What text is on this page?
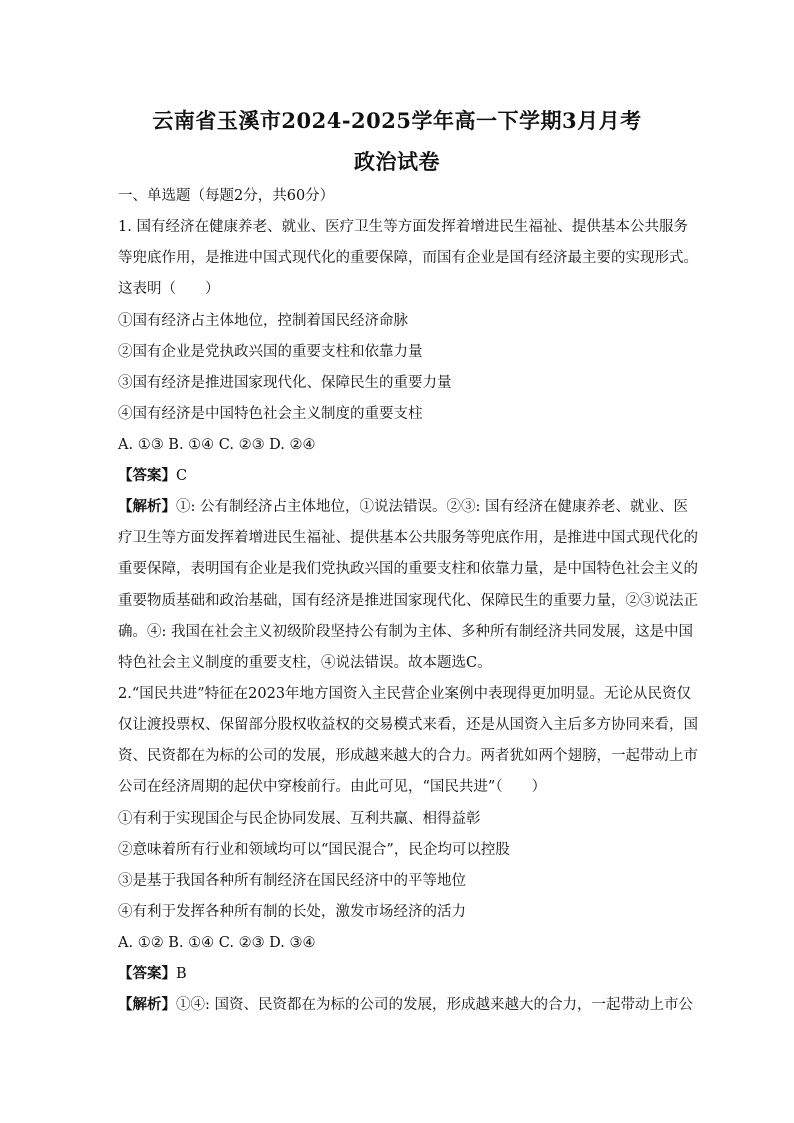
云南省玉溪市2024-2025学年高一下学期3月月考
政治试卷
一、单选题（每题2分，共60分）
1. 国有经济在健康养老、就业、医疗卫生等方面发挥着增进民生福祉、提供基本公共服务
等兜底作用，是推进中国式现代化的重要保障，而国有企业是国有经济最主要的实现形式。
这表明（　　）
①国有经济占主体地位，控制着国民经济命脉
②国有企业是党执政兴国的重要支柱和依靠力量
③国有经济是推进国家现代化、保障民生的重要力量
④国有经济是中国特色社会主义制度的重要支柱
A. ①③ B. ①④ C. ②③ D. ②④
【答案】C
【解析】①: 公有制经济占主体地位，①说法错误。②③: 国有经济在健康养老、就业、医
疗卫生等方面发挥着增进民生福祉、提供基本公共服务等兜底作用，是推进中国式现代化的
重要保障，表明国有企业是我们党执政兴国的重要支柱和依靠力量，是中国特色社会主义的
重要物质基础和政治基础，国有经济是推进国家现代化、保障民生的重要力量，②③说法正
确。④: 我国在社会主义初级阶段坚持公有制为主体、多种所有制经济共同发展，这是中国
特色社会主义制度的重要支柱，④说法错误。故本题选C。
2.“国民共进”特征在2023年地方国资入主民营企业案例中表现得更加明显。无论从民资仅
仅让渡投票权、保留部分股权收益权的交易模式来看，还是从国资入主后多方协同来看，国
资、民资都在为标的公司的发展，形成越来越大的合力。两者犹如两个翅膀，一起带动上市
公司在经济周期的起伏中穿梭前行。由此可见，“国民共进”（　　）
①有利于实现国企与民企协同发展、互利共赢、相得益彰
②意味着所有行业和领域均可以“国民混合”，民企均可以控股
③是基于我国各种所有制经济在国民经济中的平等地位
④有利于发挥各种所有制的长处，激发市场经济的活力
A. ①② B. ①④ C. ②③ D. ③④
【答案】B
【解析】①④: 国资、民资都在为标的公司的发展，形成越来越大的合力，一起带动上市公
